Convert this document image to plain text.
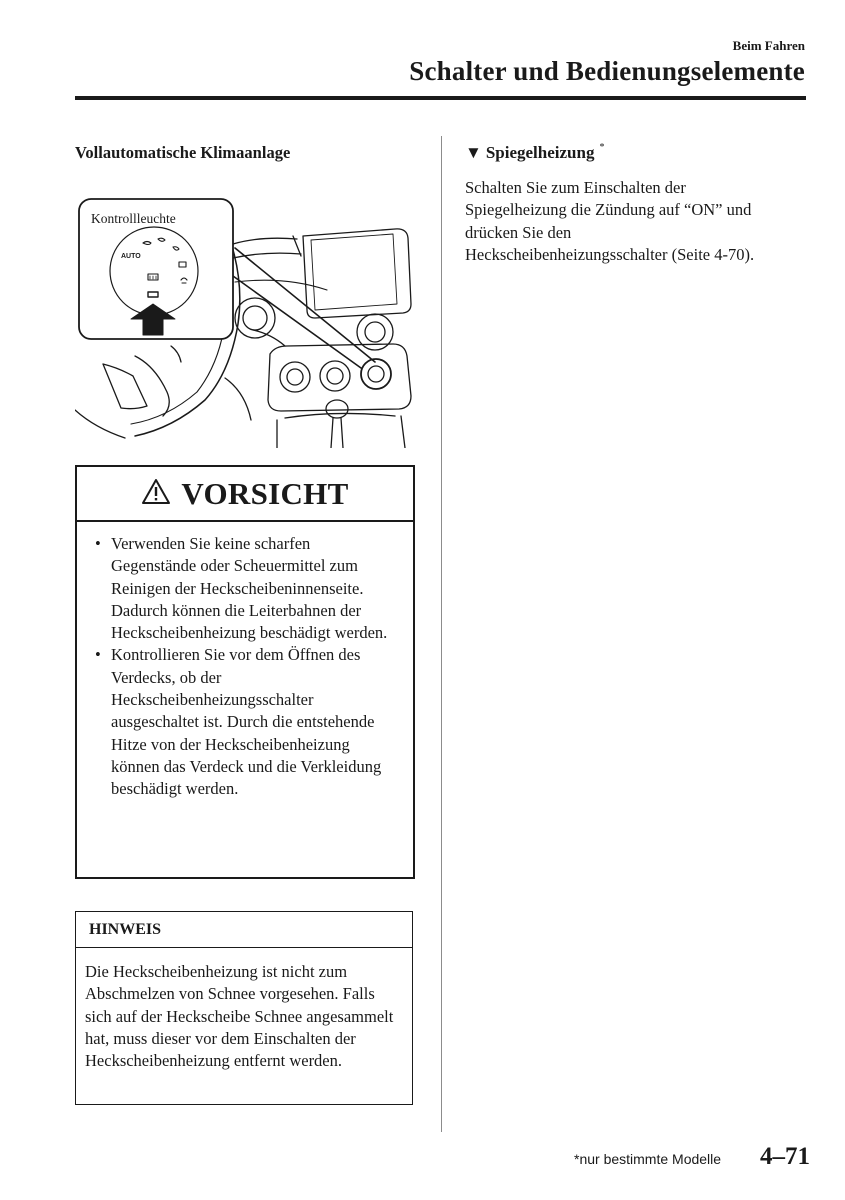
Beim Fahren
Schalter und Bedienungselemente
Vollautomatische Klimaanlage
AUTO
Kontrollleuchte
VORSICHT
• Verwenden Sie keine scharfen Gegenstände oder Scheuermittel zum Reinigen der Heckscheibeninnenseite. Dadurch können die Leiterbahnen der Heckscheibenheizung beschädigt werden.
• Kontrollieren Sie vor dem Öffnen des Verdecks, ob der Heckscheibenheizungsschalter ausgeschaltet ist. Durch die entstehende Hitze von der Heckscheibenheizung können das Verdeck und die Verkleidung beschädigt werden.
HINWEIS

Die Heckscheibenheizung ist nicht zum Abschmelzen von Schnee vorgesehen. Falls sich auf der Heckscheibe Schnee angesammelt hat, muss dieser vor dem Einschalten der Heckscheibenheizung entfernt werden.

▼ Spiegelheizung *

Schalten Sie zum Einschalten der Spiegelheizung die Zündung auf “ON” und drücken Sie den Heckscheibenheizungsschalter (Seite 4-70).

*nur bestimmte Modelle 4–71
